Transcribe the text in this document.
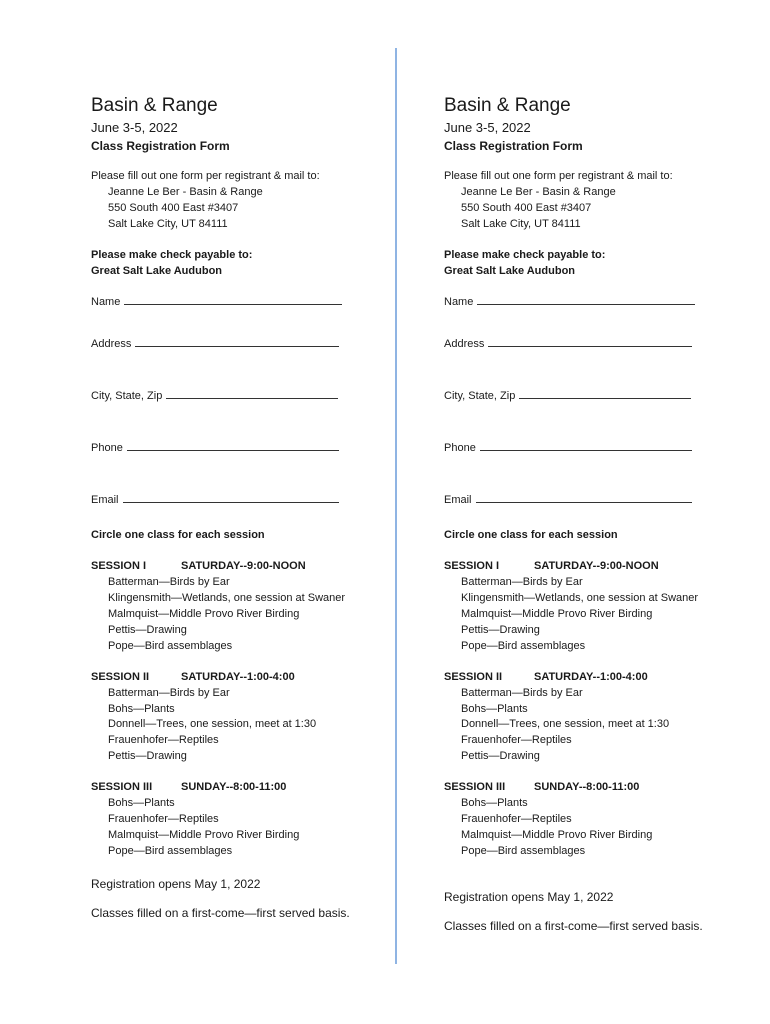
Basin & Range
June 3-5, 2022
Class Registration Form
Please fill out one form per registrant & mail to:
Jeanne Le Ber - Basin & Range
550 South 400 East #3407
Salt Lake City, UT 84111
Please make check payable to:
Great Salt Lake Audubon
Name
Address
City, State, Zip
Phone
Email
Circle one class for each session
SESSION I	SATURDAY--9:00-NOON
Batterman—Birds by Ear
Klingensmith—Wetlands, one session at Swaner
Malmquist—Middle Provo River Birding
Pettis—Drawing
Pope—Bird assemblages
SESSION II	SATURDAY--1:00-4:00
Batterman—Birds by Ear
Bohs—Plants
Donnell—Trees, one session, meet at 1:30
Frauenhofer—Reptiles
Pettis—Drawing
SESSION III	SUNDAY--8:00-11:00
Bohs—Plants
Frauenhofer—Reptiles
Malmquist—Middle Provo River Birding
Pope—Bird assemblages
Registration opens May 1, 2022
Classes filled on a first-come—first served basis.
Basin & Range
June 3-5, 2022
Class Registration Form
Please fill out one form per registrant & mail to:
Jeanne Le Ber - Basin & Range
550 South 400 East #3407
Salt Lake City, UT 84111
Please make check payable to:
Great Salt Lake Audubon
Name
Address
City, State, Zip
Phone
Email
Circle one class for each session
SESSION I	SATURDAY--9:00-NOON
Batterman—Birds by Ear
Klingensmith—Wetlands, one session at Swaner
Malmquist—Middle Provo River Birding
Pettis—Drawing
Pope—Bird assemblages
SESSION II	SATURDAY--1:00-4:00
Batterman—Birds by Ear
Bohs—Plants
Donnell—Trees, one session, meet at 1:30
Frauenhofer—Reptiles
Pettis—Drawing
SESSION III	SUNDAY--8:00-11:00
Bohs—Plants
Frauenhofer—Reptiles
Malmquist—Middle Provo River Birding
Pope—Bird assemblages
Registration opens May 1, 2022
Classes filled on a first-come—first served basis.
